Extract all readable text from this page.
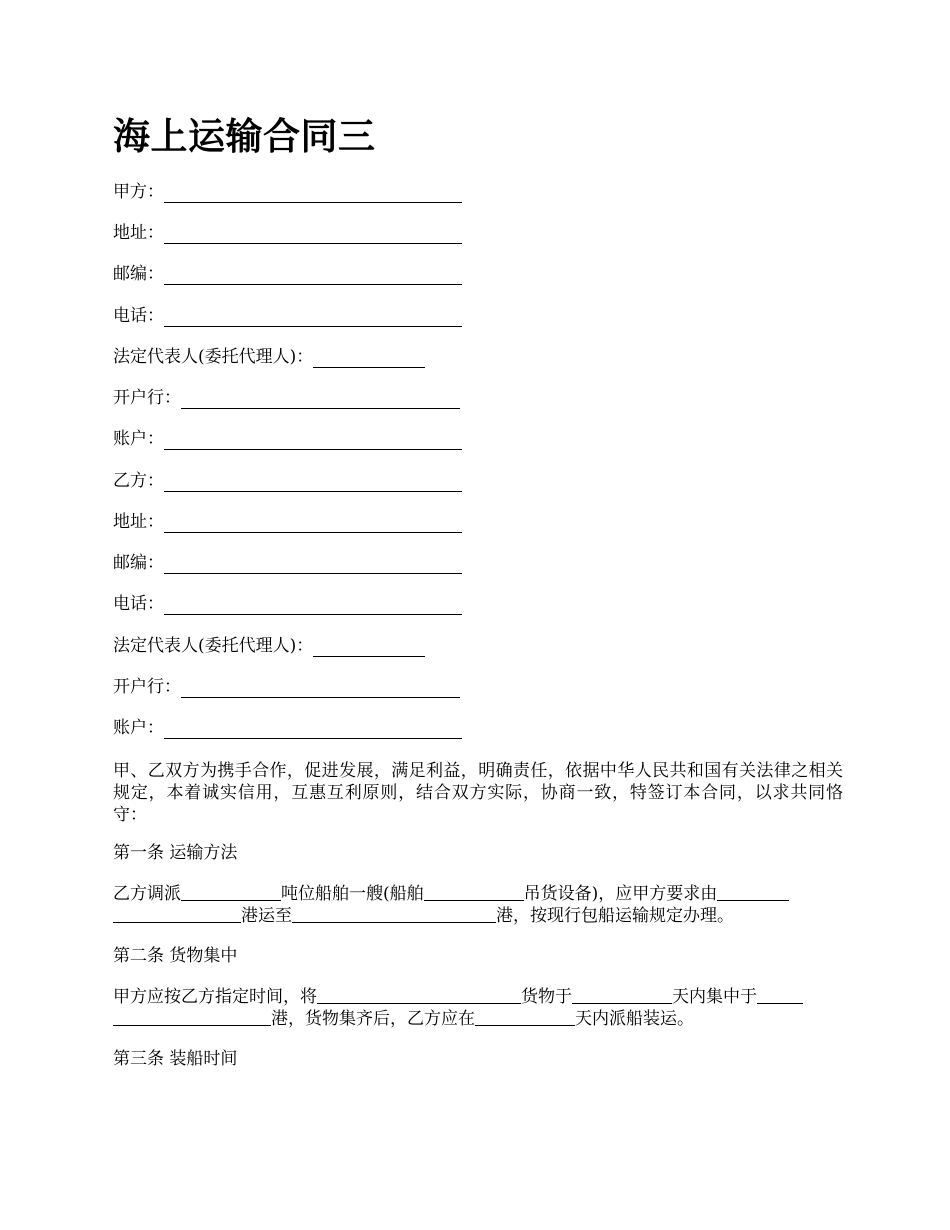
海上运输合同三
甲方：
地址：
邮编：
电话：
法定代表人(委托代理人)：
开户行：
账户：
乙方：
地址：
邮编：
电话：
法定代表人(委托代理人)：
开户行：
账户：
甲、乙双方为携手合作，促进发展，满足利益，明确责任，依据中华人民共和国有关法律之相关规定，本着诚实信用，互惠互利原则，结合双方实际，协商一致，特签订本合同，以求共同恪守：
第一条 运输方法
乙方调派	吨位船舶一艘(船舶	吊货设备)，应甲方要求由
港运至	港，按现行包船运输规定办理。
第二条 货物集中
甲方应按乙方指定时间，将	货物于	天内集中于
港，货物集齐后，乙方应在	天内派船装运。
第三条 装船时间
